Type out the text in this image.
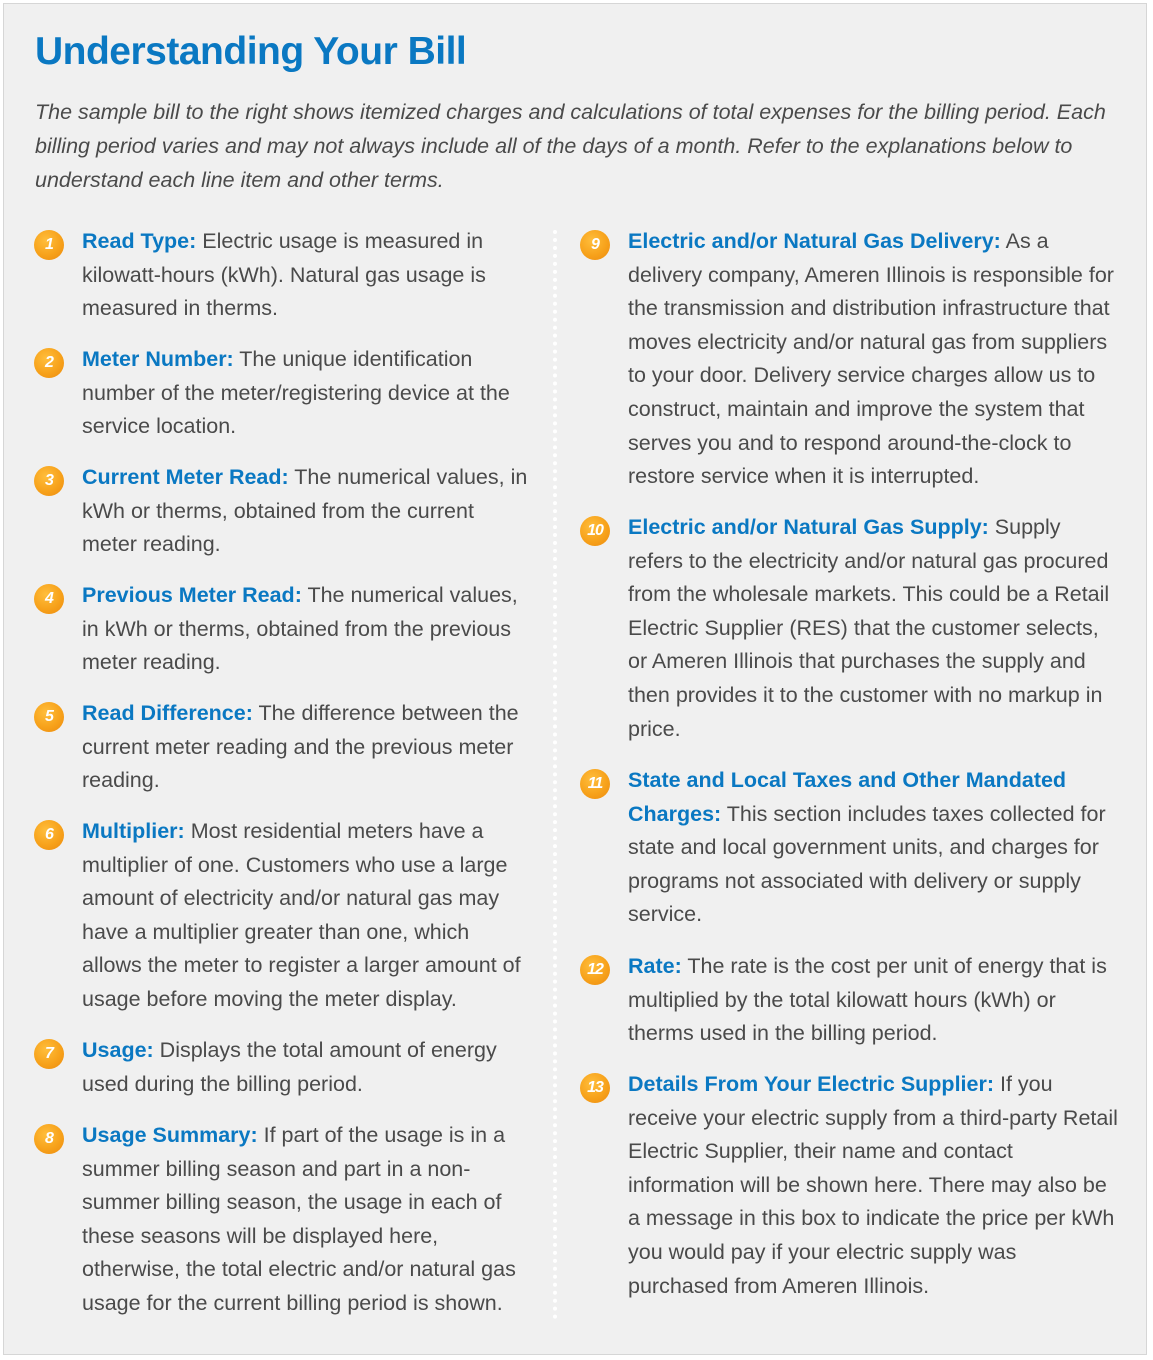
Understanding Your Bill

The sample bill to the right shows itemized charges and calculations of total expenses for the billing period. Each billing period varies and may not always include all of the days of a month. Refer to the explanations below to understand each line item and other terms.

1	Read Type: Electric usage is measured in kilowatt-hours (kWh). Natural gas usage is measured in therms.
2	Meter Number: The unique identification number of the meter/registering device at the service location.
3	Current Meter Read: The numerical values, in kWh or therms, obtained from the current meter reading.
4	Previous Meter Read: The numerical values, in kWh or therms, obtained from the previous meter reading.
5	Read Difference: The difference between the current meter reading and the previous meter reading.
6	Multiplier: Most residential meters have a multiplier of one. Customers who use a large amount of electricity and/or natural gas may have a multiplier greater than one, which allows the meter to register a larger amount of usage before moving the meter display.
7	Usage: Displays the total amount of energy used during the billing period.
8	Usage Summary: If part of the usage is in a summer billing season and part in a non-summer billing season, the usage in each of these seasons will be displayed here, otherwise, the total electric and/or natural gas usage for the current billing period is shown.
9	Electric and/or Natural Gas Delivery: As a delivery company, Ameren Illinois is responsible for the transmission and distribution infrastructure that moves electricity and/or natural gas from suppliers to your door. Delivery service charges allow us to construct, maintain and improve the system that serves you and to respond around-the-clock to restore service when it is interrupted.
10	Electric and/or Natural Gas Supply: Supply refers to the electricity and/or natural gas procured from the wholesale markets. This could be a Retail Electric Supplier (RES) that the customer selects, or Ameren Illinois that purchases the supply and then provides it to the customer with no markup in price.
11	State and Local Taxes and Other Mandated Charges: This section includes taxes collected for state and local government units, and charges for programs not associated with delivery or supply service.
12	Rate: The rate is the cost per unit of energy that is multiplied by the total kilowatt hours (kWh) or therms used in the billing period.
13	Details From Your Electric Supplier: If you receive your electric supply from a third-party Retail Electric Supplier, their name and contact information will be shown here. There may also be a message in this box to indicate the price per kWh you would pay if your electric supply was purchased from Ameren Illinois.
